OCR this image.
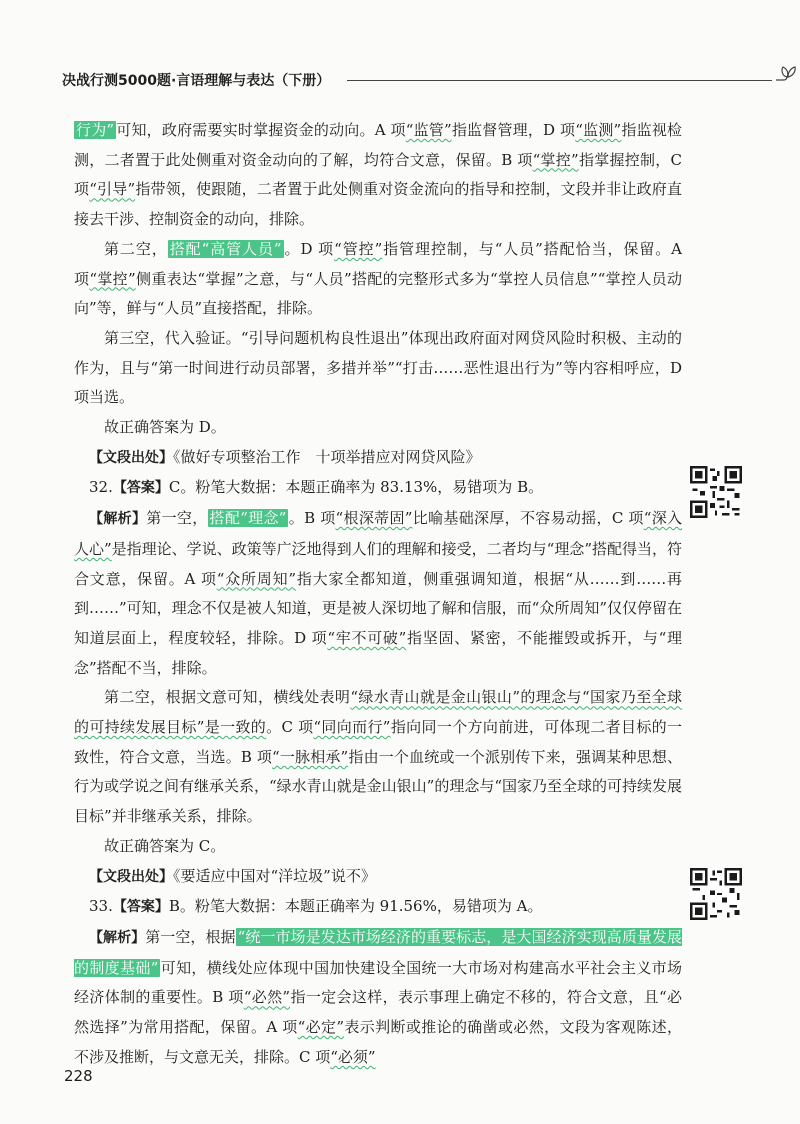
决战行测5000题·言语理解与表达（下册）

行为” 可知，政府需要实时掌握资金的动向。A 项“监管”指监督管理，D 项“监测”指监视检测，二者置于此处侧重对资金动向的了解，均符合文意，保留。B 项“掌控”指掌握控制，C 项“引导”指带领，使跟随，二者置于此处侧重对资金流向的指导和控制，文段并非让政府直接去干涉、控制资金的动向，排除。

第二空， 搭配“高管人员” 。D 项“管控”指管理控制，与“人员”搭配恰当，保留。A 项“掌控”侧重表达“掌握”之意，与“人员”搭配的完整形式多为“掌控人员信息”“掌控人员动向”等，鲜与“人员”直接搭配，排除。

第三空，代入验证。“引导问题机构良性退出”体现出政府面对网贷风险时积极、主动的作为，且与“第一时间进行动员部署，多措并举”“打击……恶性退出行为”等内容相呼应，D 项当选。

故正确答案为 D。

【文段出处】《做好专项整治工作　十项举措应对网贷风险》

32.【答案】C。粉笔大数据：本题正确率为 83.13%，易错项为 B。

【解析】第一空， 搭配“理念” 。B 项“根深蒂固”比喻基础深厚，不容易动摇，C 项“深入人心”是指理论、学说、政策等广泛地得到人们的理解和接受，二者均与“理念”搭配得当，符合文意，保留。A 项“众所周知”指大家全都知道，侧重强调知道，根据“从……到……再到……”可知，理念不仅是被人知道，更是被人深切地了解和信服，而“众所周知”仅仅停留在知道层面上，程度较轻，排除。D 项“牢不可破”指坚固、紧密，不能摧毁或拆开，与“理念”搭配不当，排除。

第二空，根据文意可知，横线处表明“绿水青山就是金山银山”的理念与“国家乃至全球的可持续发展目标”是一致的。C 项“同向而行”指向同一个方向前进，可体现二者目标的一致性，符合文意，当选。B 项“一脉相承”指由一个血统或一个派别传下来，强调某种思想、行为或学说之间有继承关系，“绿水青山就是金山银山”的理念与“国家乃至全球的可持续发展目标”并非继承关系，排除。

故正确答案为 C。

【文段出处】《要适应中国对“洋垃圾”说不》

33.【答案】B。粉笔大数据：本题正确率为 91.56%，易错项为 A。

【解析】第一空，根据 “统一市场是发达市场经济的重要标志，是大国经济实现高质量发展的制度基础” 可知，横线处应体现中国加快建设全国统一大市场对构建高水平社会主义市场经济体制的重要性。B 项“必然”指一定会这样，表示事理上确定不移的，符合文意，且“必然选择”为常用搭配，保留。A 项“必定”表示判断或推论的确凿或必然，文段为客观陈述，不涉及推断，与文意无关，排除。C 项“必须”

228
